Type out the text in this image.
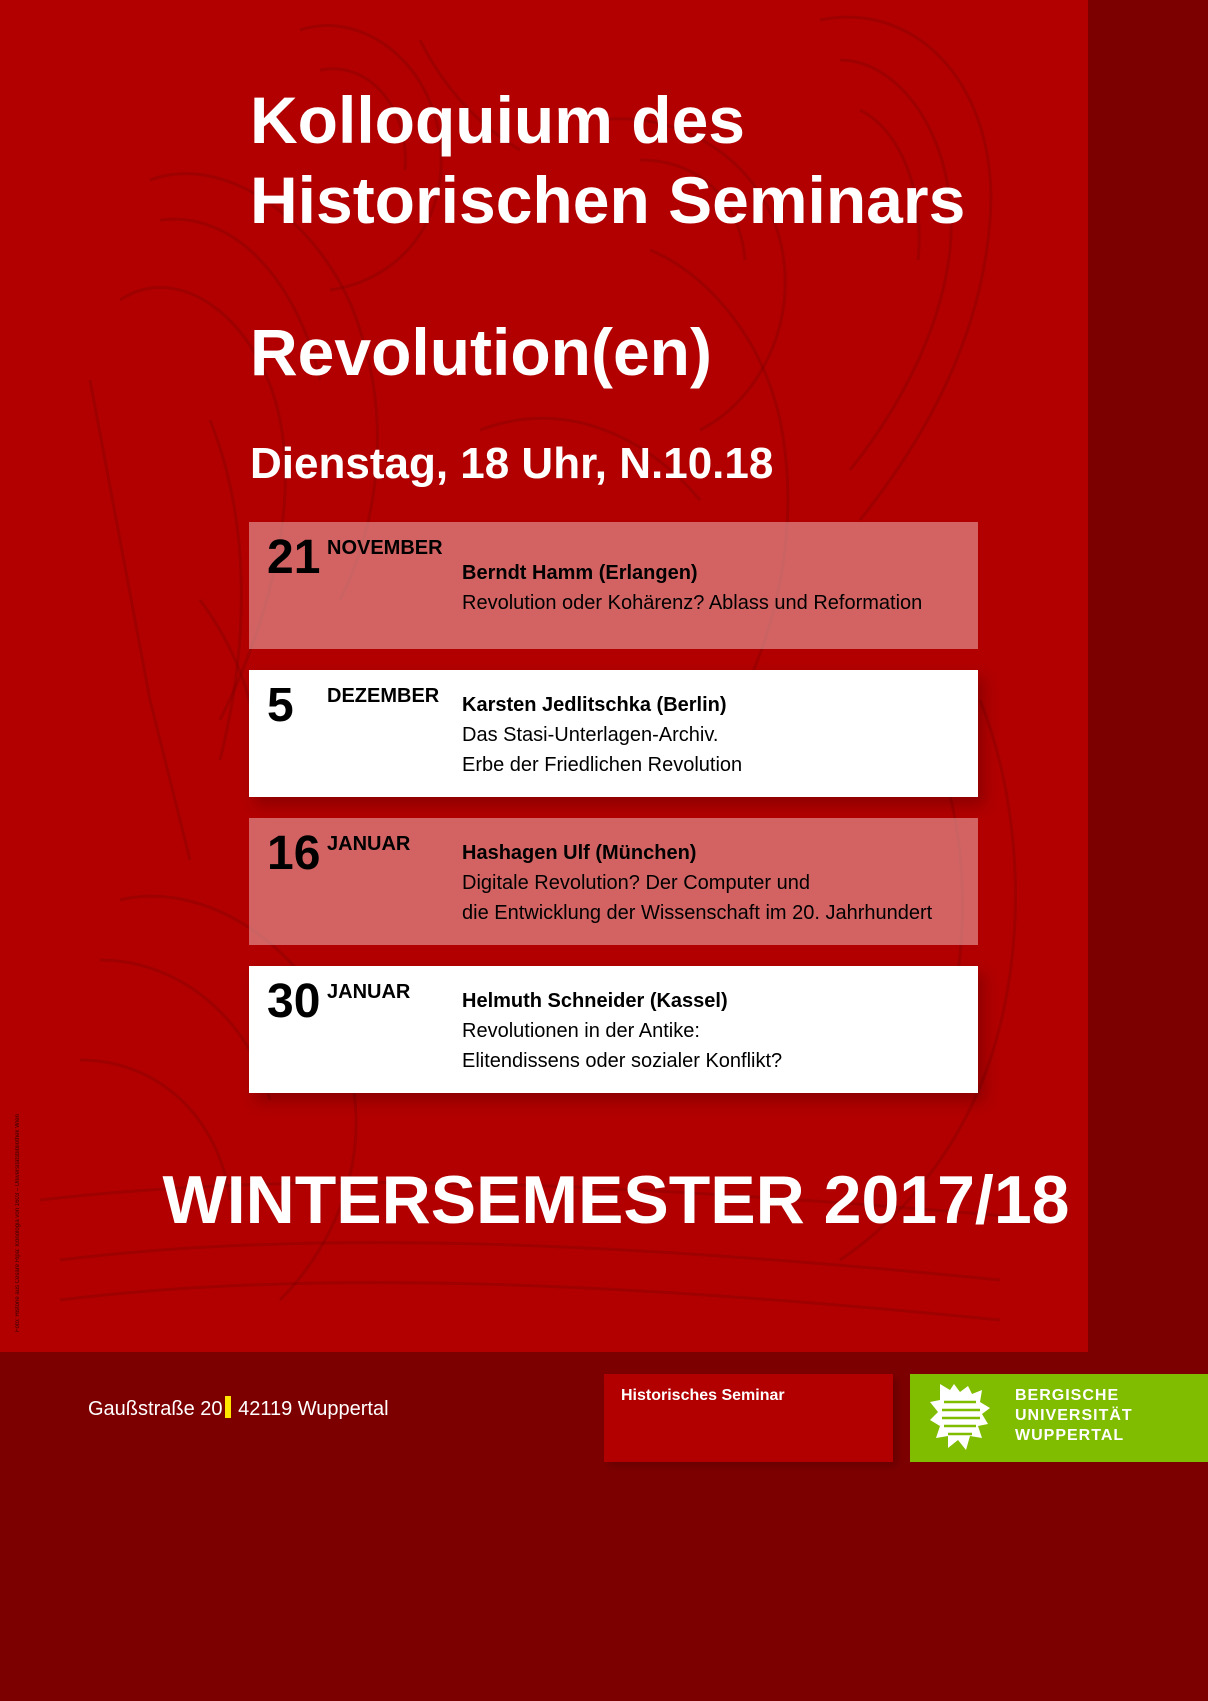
Kolloquium des
Historischen Seminars
Revolution(en)

Dienstag, 18 Uhr, N.10.18

21 NOVEMBER
Berndt Hamm (Erlangen)
Revolution oder Kohärenz? Ablass und Reformation
5 DEZEMBER Karsten Jedlitschka (Berlin)
Das Stasi-Unterlagen-Archiv.
Erbe der Friedlichen Revolution
16 JANUAR	Hashagen Ulf (München)
Digitale Revolution? Der Computer und
die Entwicklung der Wissenschaft im 20. Jahrhundert
30 JANUAR	Helmuth Schneider (Kassel)
Revolutionen in der Antike:
Elitendissens oder sozialer Konflikt?
Foto: Historie aus Cesare Ripa: Iconologia von 1603 – Universitätsbibliothek Wien	WINTERSEMESTER 2017/18
Gaußstraße 20 42119 Wuppertal
Historisches Seminar	BERGISCHE
UNIVERSITÄT
WUPPERTAL
